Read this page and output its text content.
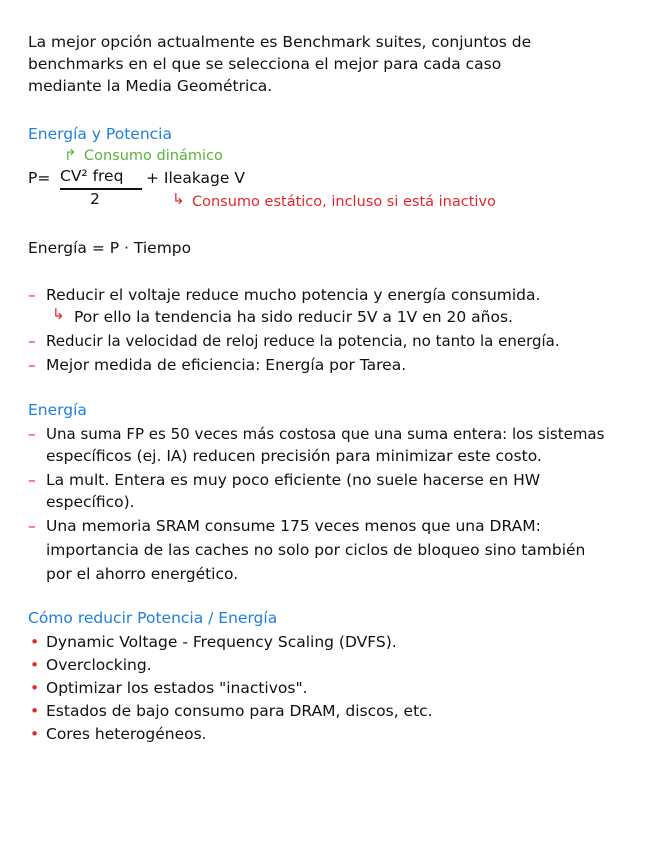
La mejor opción actualmente es Benchmark suites, conjuntos de
benchmarks en el que se selecciona el mejor para cada caso
mediante la Media Geométrica.
Energía y Potencia
↱ Consumo dinámico
P= CV² freq
2
+ Ileakage V
↳ Consumo estático, incluso si está inactivo
Energía = P · Tiempo
– Reducir el voltaje reduce mucho potencia y energía consumida.
↳ Por ello la tendencia ha sido reducir 5V a 1V en 20 años.
– Reducir la velocidad de reloj reduce la potencia, no tanto la energía.
– Mejor medida de eficiencia: Energía por Tarea.
Energía
– Una suma FP es 50 veces más costosa que una suma entera: los sistemas
específicos (ej. IA) reducen precisión para minimizar este costo.
– La mult. Entera es muy poco eficiente (no suele hacerse en HW
específico).
– Una memoria SRAM consume 175 veces menos que una DRAM:
importancia de las caches no solo por ciclos de bloqueo sino también
por el ahorro energético.
Cómo reducir Potencia / Energía
• Dynamic Voltage - Frequency Scaling (DVFS).
• Overclocking.
• Optimizar los estados "inactivos".
• Estados de bajo consumo para DRAM, discos, etc.
• Cores heterogéneos.
